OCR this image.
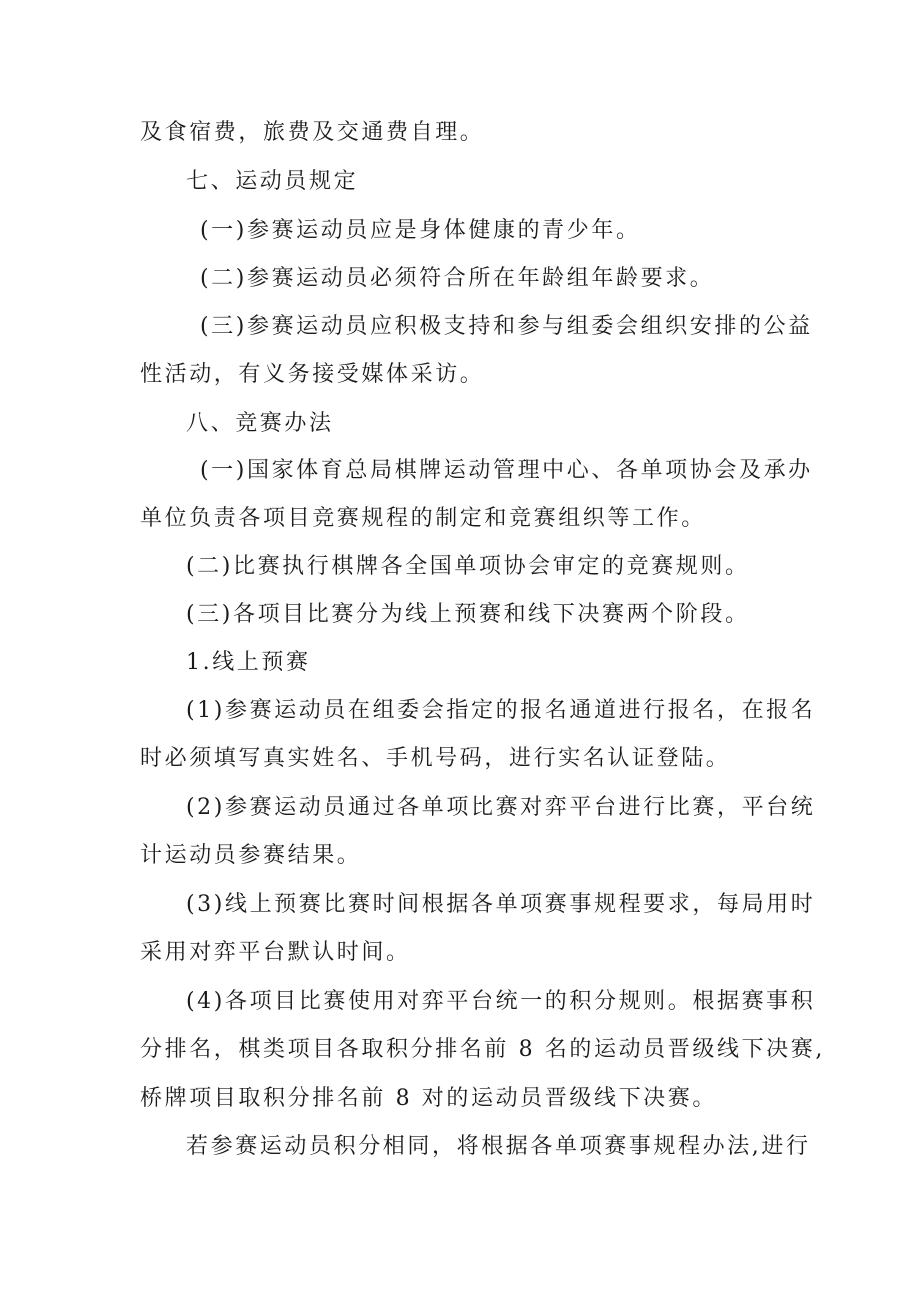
及食宿费，旅费及交通费自理。
七、运动员规定
(一)参赛运动员应是身体健康的青少年。
(二)参赛运动员必须符合所在年龄组年龄要求。
(三)参赛运动员应积极支持和参与组委会组织安排的公益
性活动，有义务接受媒体采访。
八、竞赛办法
(一)国家体育总局棋牌运动管理中心、各单项协会及承办
单位负责各项目竞赛规程的制定和竞赛组织等工作。
(二)比赛执行棋牌各全国单项协会审定的竞赛规则。
(三)各项目比赛分为线上预赛和线下决赛两个阶段。
1.线上预赛
(1)参赛运动员在组委会指定的报名通道进行报名，在报名
时必须填写真实姓名、手机号码，进行实名认证登陆。
(2)参赛运动员通过各单项比赛对弈平台进行比赛，平台统
计运动员参赛结果。
(3)线上预赛比赛时间根据各单项赛事规程要求，每局用时
采用对弈平台默认时间。
(4)各项目比赛使用对弈平台统一的积分规则。根据赛事积
分排名，棋类项目各取积分排名前 8 名的运动员晋级线下决赛,
桥牌项目取积分排名前 8 对的运动员晋级线下决赛。
若参赛运动员积分相同，将根据各单项赛事规程办法,进行
